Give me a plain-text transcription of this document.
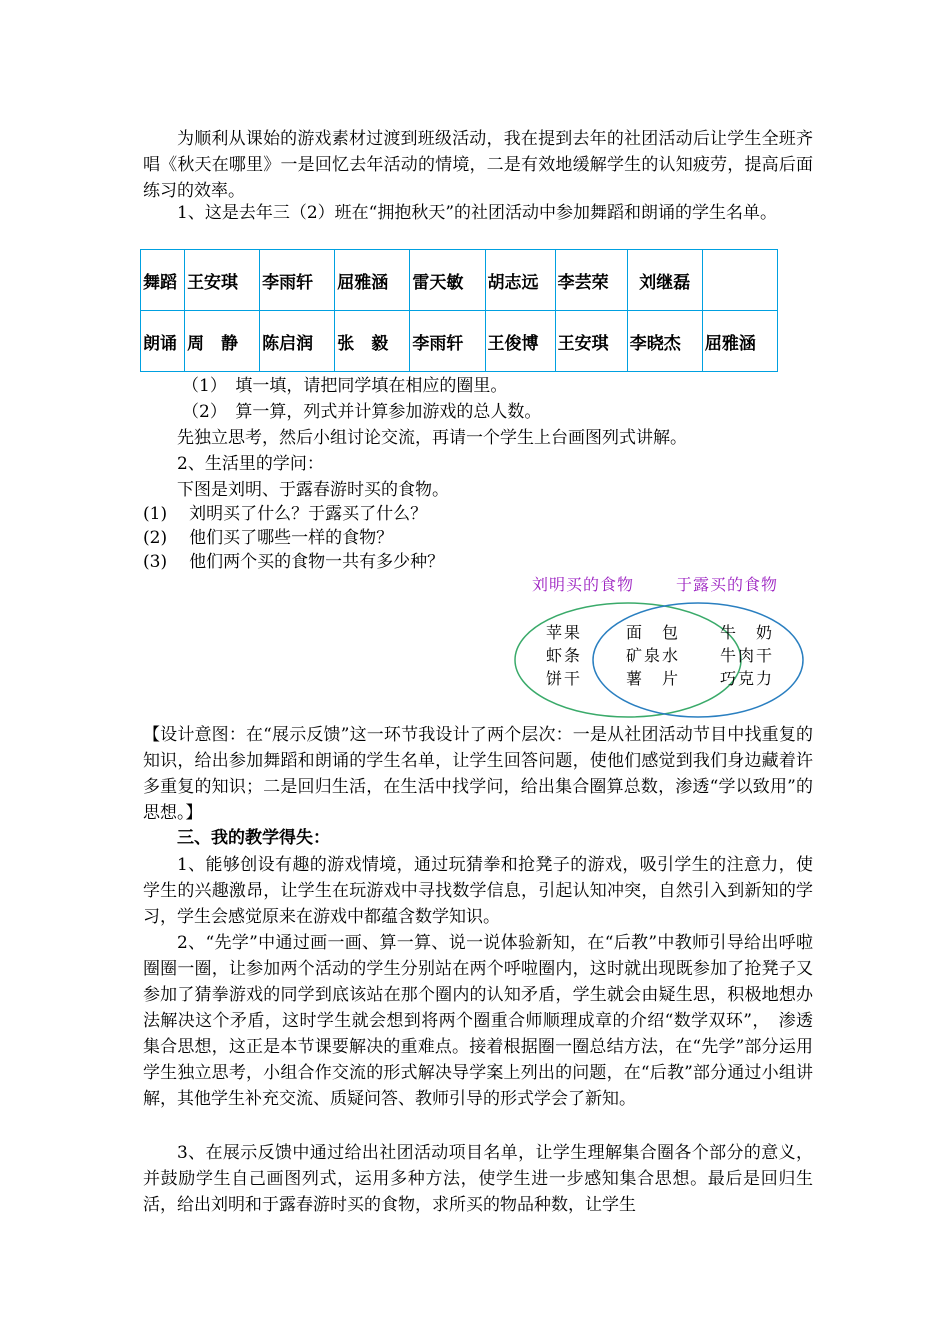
为顺利从课始的游戏素材过渡到班级活动，我在提到去年的社团活动后让学生全班齐唱《秋天在哪里》一是回忆去年活动的情境，二是有效地缓解学生的认知疲劳，提高后面练习的效率。

1、这是去年三（2）班在“拥抱秋天”的社团活动中参加舞蹈和朗诵的学生名单。

舞蹈	王安琪	李雨轩	屈雅涵	雷天敏	胡志远	李芸荣	刘继磊	
朗诵	周　静	陈启润	张　毅	李雨轩	王俊博	王安琪	李晓杰	屈雅涵

（1）　填一填，请把同学填在相应的圈里。

（2）　算一算，列式并计算参加游戏的总人数。

先独立思考，然后小组讨论交流，再请一个学生上台画图列式讲解。

2、生活里的学问：

下图是刘明、于露春游时买的食物。

(1) 刘明买了什么？于露买了什么？

(2) 他们买了哪些一样的食物？

(3) 他们两个买的食物一共有多少种？

刘明买的食物	于露买的食物
苹果
虾条
饼干
面　包
矿泉水
薯　片
牛　奶
牛肉干
巧克力

【设计意图：在“展示反馈”这一环节我设计了两个层次：一是从社团活动节目中找重复的知识，给出参加舞蹈和朗诵的学生名单，让学生回答问题，使他们感觉到我们身边藏着许多重复的知识；二是回归生活，在生活中找学问，给出集合圈算总数，渗透“学以致用”的思想。】

三、我的教学得失：

1、能够创设有趣的游戏情境，通过玩猜拳和抢凳子的游戏，吸引学生的注意力，使学生的兴趣激昂，让学生在玩游戏中寻找数学信息，引起认知冲突，自然引入到新知的学习，学生会感觉原来在游戏中都蕴含数学知识。

2、“先学”中通过画一画、算一算、说一说体验新知，在“后教”中教师引导给出呼啦圈圈一圈，让参加两个活动的学生分别站在两个呼啦圈内，这时就出现既参加了抢凳子又参加了猜拳游戏的同学到底该站在那个圈内的认知矛盾，学生就会由疑生思，积极地想办法解决这个矛盾，这时学生就会想到将两个圈重合师顺理成章的介绍“数学双环”，　渗透集合思想，这正是本节课要解决的重难点。接着根据圈一圈总结方法，在“先学”部分运用学生独立思考，小组合作交流的形式解决导学案上列出的问题，在“后教”部分通过小组讲解，其他学生补充交流、质疑问答、教师引导的形式学会了新知。

3、在展示反馈中通过给出社团活动项目名单，让学生理解集合圈各个部分的意义，并鼓励学生自己画图列式，运用多种方法，使学生进一步感知集合思想。最后是回归生活，给出刘明和于露春游时买的食物，求所买的物品种数，让学生
